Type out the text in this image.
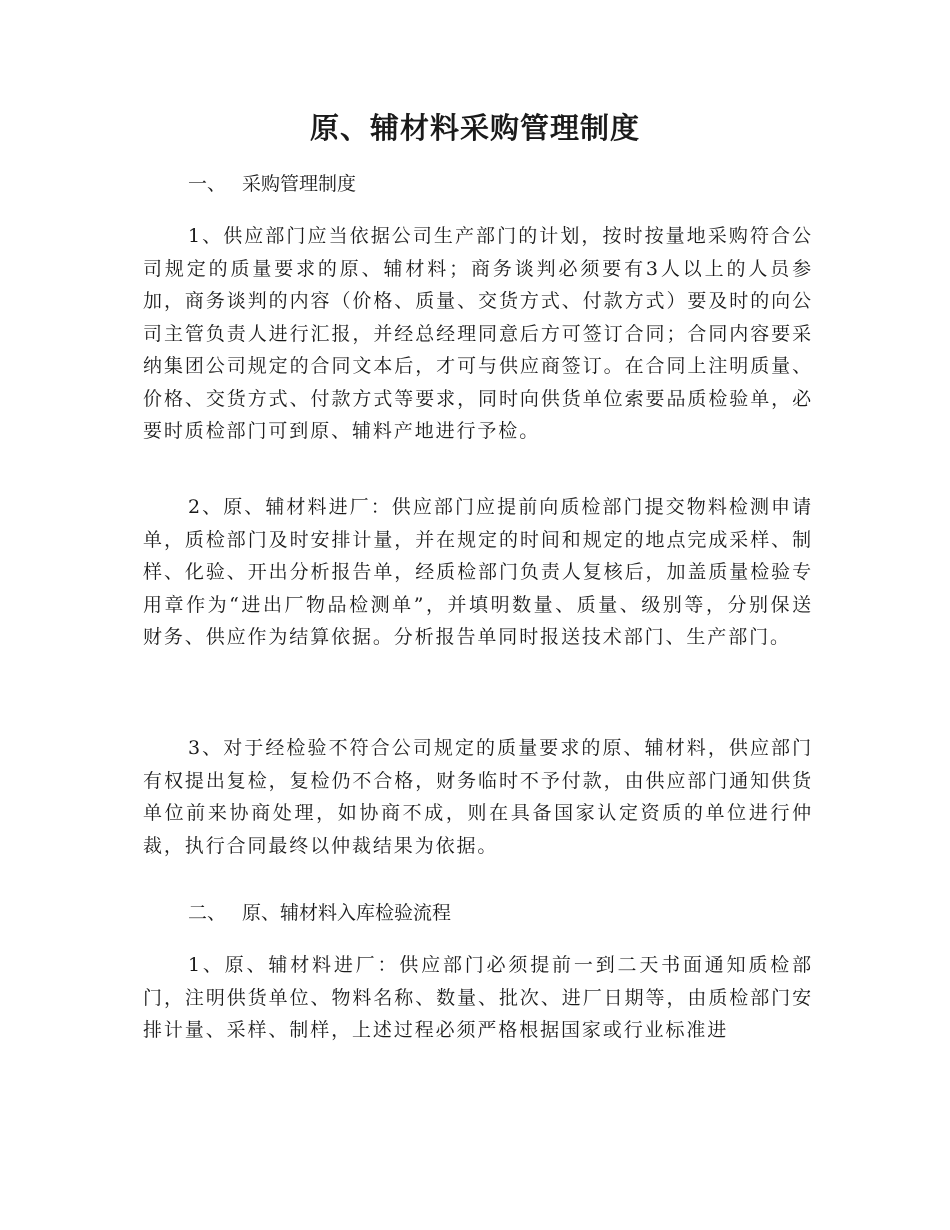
原、辅材料采购管理制度
一、 采购管理制度

1、供应部门应当依据公司生产部门的计划，按时按量地采购符合公司规定的质量要求的原、辅材料；商务谈判必须要有3人以上的人员参加，商务谈判的内容（价格、质量、交货方式、付款方式）要及时的向公司主管负责人进行汇报，并经总经理同意后方可签订合同；合同内容要采纳集团公司规定的合同文本后，才可与供应商签订。在合同上注明质量、价格、交货方式、付款方式等要求，同时向供货单位索要品质检验单，必要时质检部门可到原、辅料产地进行予检。

2、原、辅材料进厂：供应部门应提前向质检部门提交物料检测申请单，质检部门及时安排计量，并在规定的时间和规定的地点完成采样、制样、化验、开出分析报告单，经质检部门负责人复核后，加盖质量检验专用章作为“进出厂物品检测单”，并填明数量、质量、级别等，分别保送财务、供应作为结算依据。分析报告单同时报送技术部门、生产部门。

3、对于经检验不符合公司规定的质量要求的原、辅材料，供应部门有权提出复检，复检仍不合格，财务临时不予付款，由供应部门通知供货单位前来协商处理，如协商不成，则在具备国家认定资质的单位进行仲裁，执行合同最终以仲裁结果为依据。

二、 原、辅材料入库检验流程

1、原、辅材料进厂：供应部门必须提前一到二天书面通知质检部门，注明供货单位、物料名称、数量、批次、进厂日期等，由质检部门安排计量、采样、制样，上述过程必须严格根据国家或行业标准进
